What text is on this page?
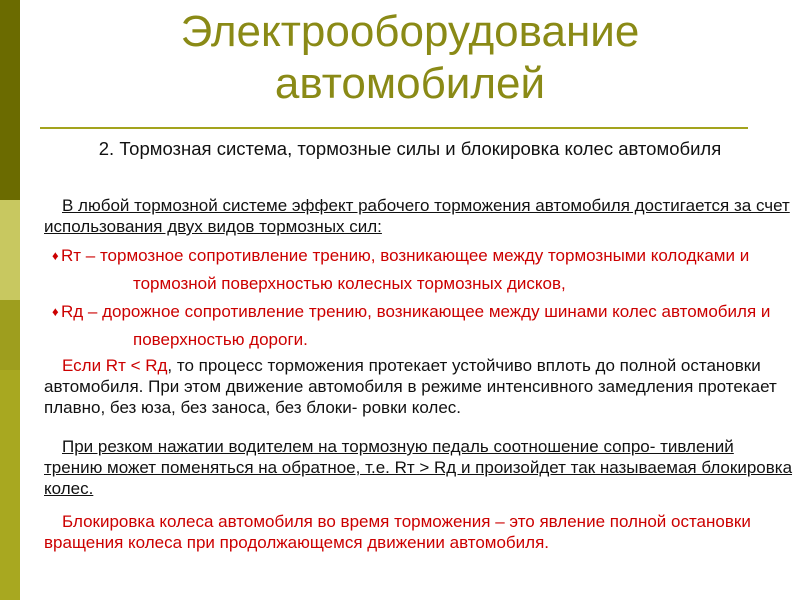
Электрооборудование автомобилей
2. Тормозная система, тормозные силы и блокировка колес автомобиля
В любой тормозной системе эффект рабочего торможения автомобиля достигается за счет использования двух видов тормозных сил:
♦ Rт – тормозное сопротивление трению, возникающее между тормозными колодками и тормозной поверхностью колесных тормозных дисков,
♦ Rд – дорожное сопротивление трению, возникающее между шинами колес автомобиля и поверхностью дороги.
Если Rт < Rд, то процесс торможения протекает устойчиво вплоть до полной остановки автомобиля. При этом движение автомобиля в режиме интенсивного замедления протекает плавно, без юза, без заноса, без блоки- ровки колес.
При резком нажатии водителем на тормозную педаль соотношение сопро- тивлений трению может поменяться на обратное, т.е. Rт > Rд и произойдет так называемая блокировка колес.
Блокировка колеса автомобиля во время торможения – это явление полной остановки вращения колеса при продолжающемся движении автомобиля.
